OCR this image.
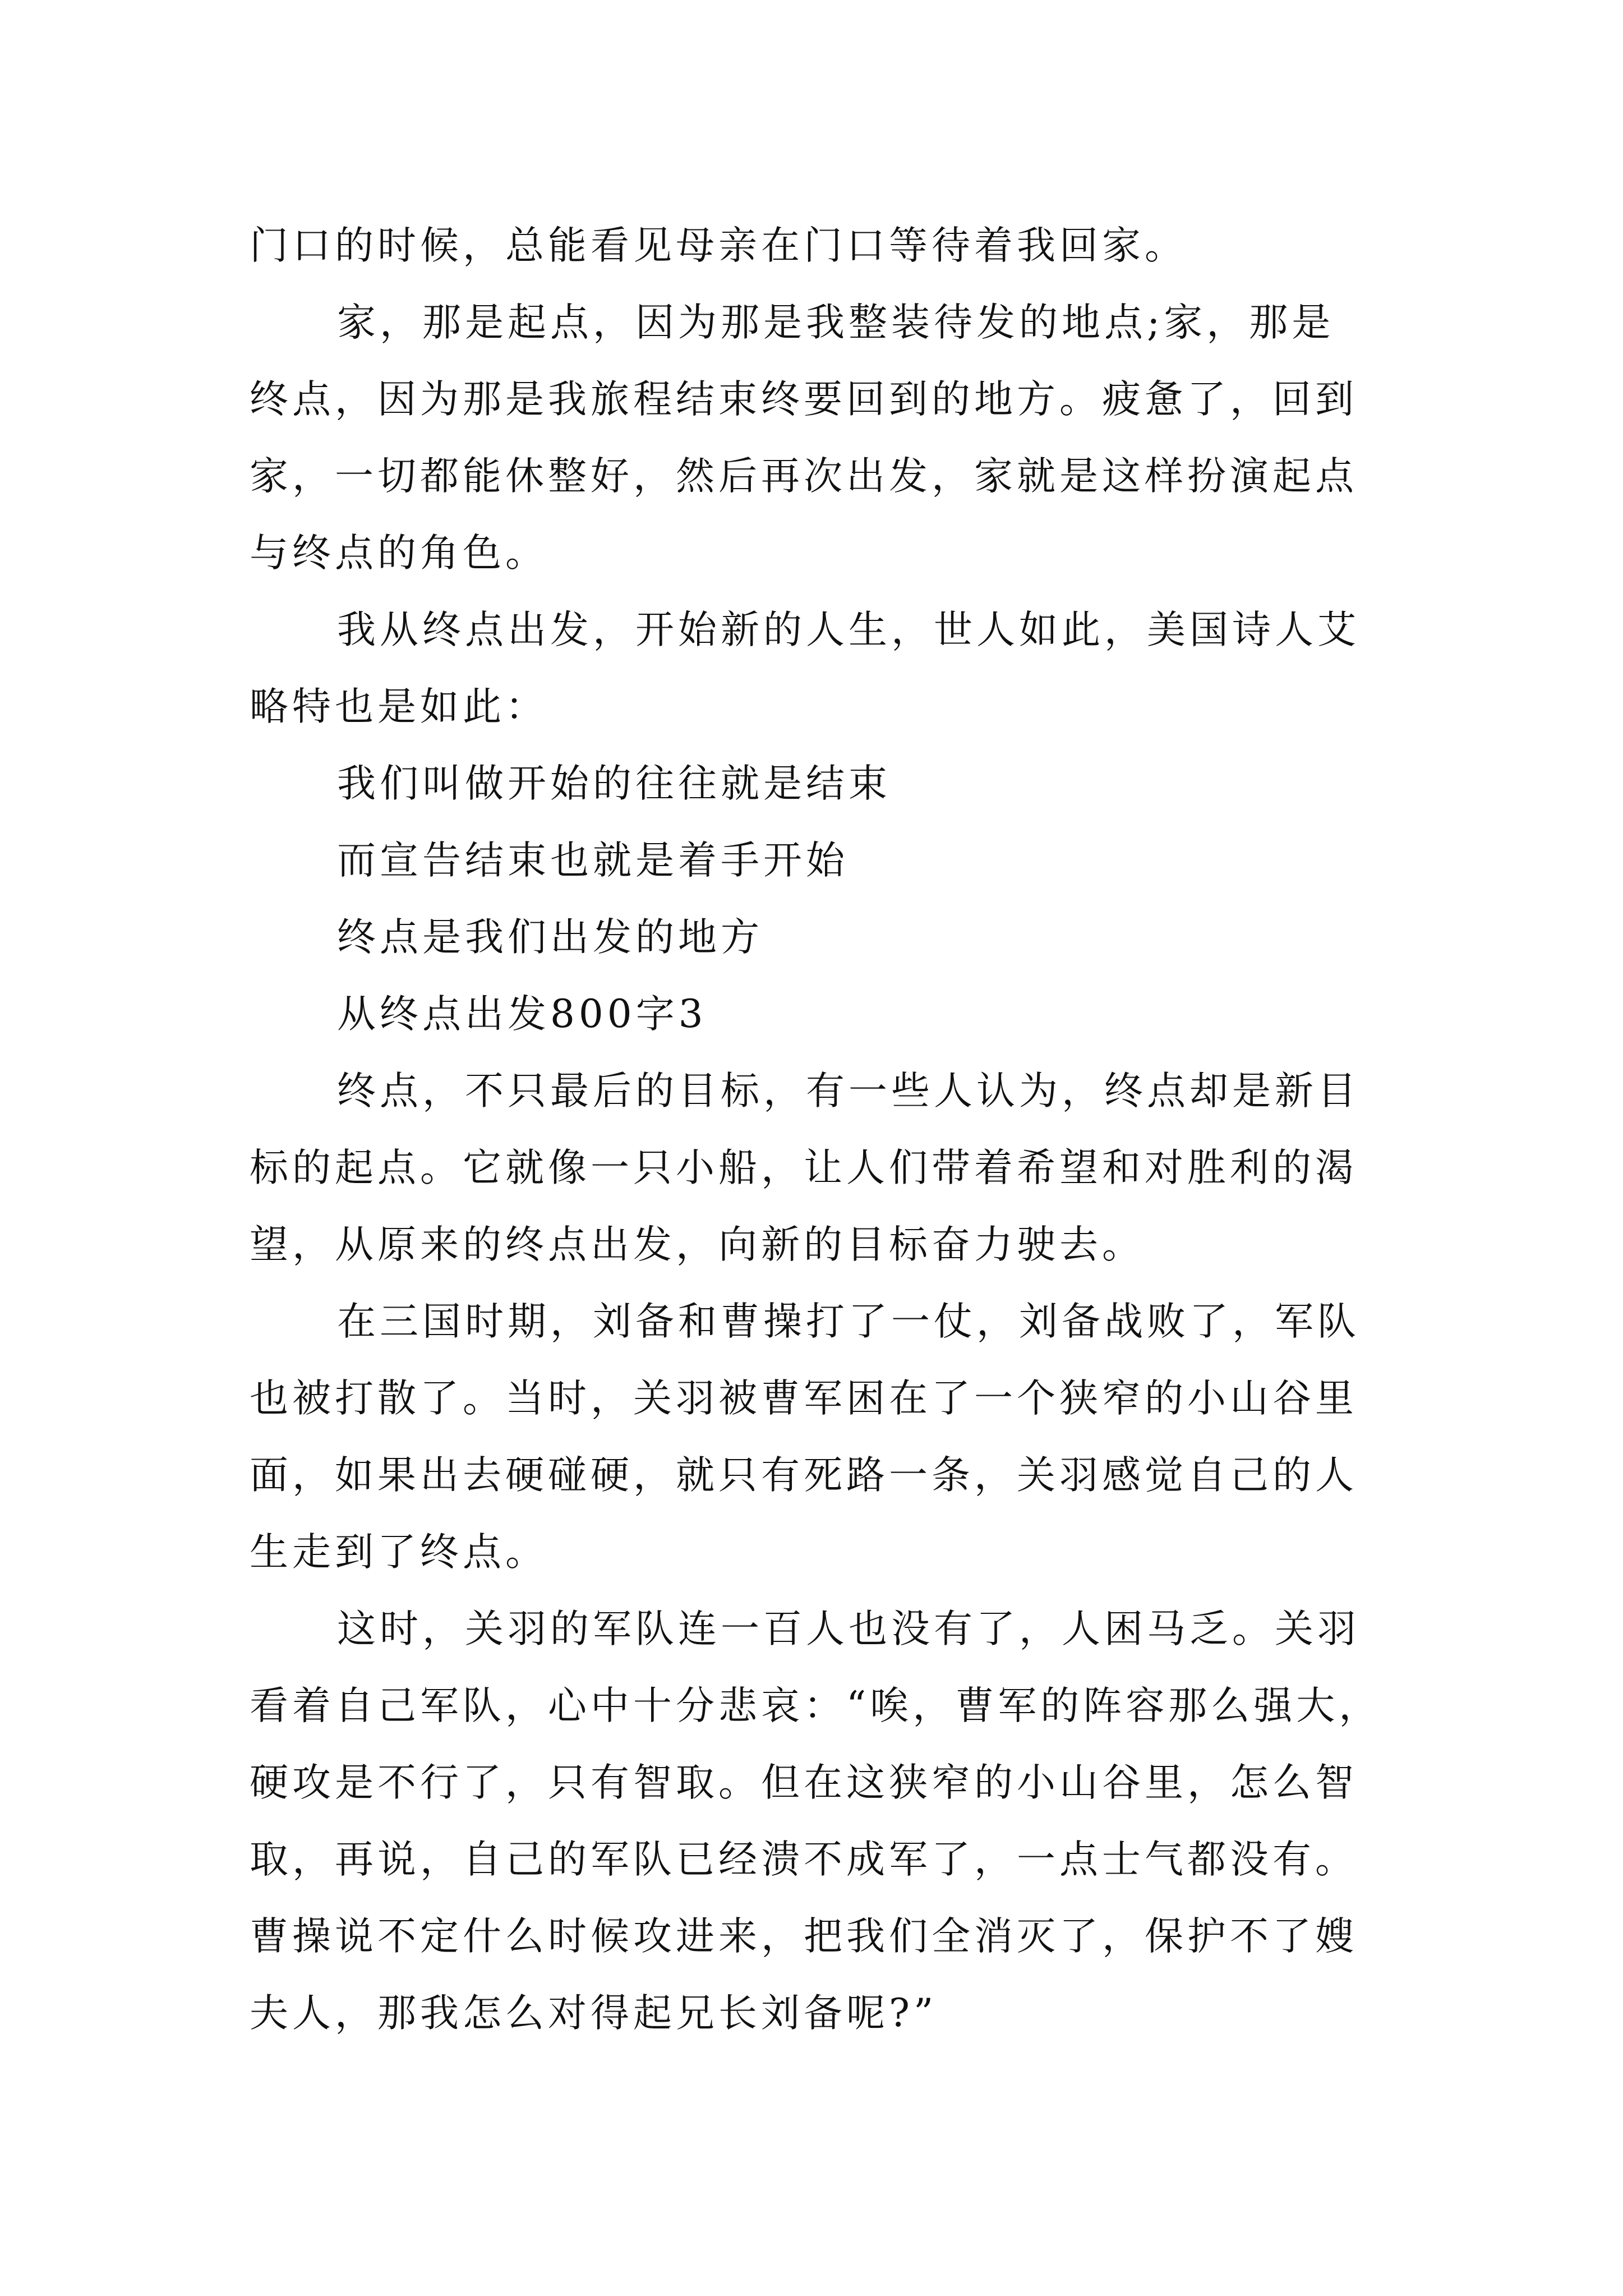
门口的时候，总能看见母亲在门口等待着我回家。
家，那是起点，因为那是我整装待发的地点;家，那是
终点，因为那是我旅程结束终要回到的地方。疲惫了，回到
家，一切都能休整好，然后再次出发，家就是这样扮演起点
与终点的角色。
我从终点出发，开始新的人生，世人如此，美国诗人艾
略特也是如此：
我们叫做开始的往往就是结束
而宣告结束也就是着手开始
终点是我们出发的地方
从终点出发800字3
终点，不只最后的目标，有一些人认为，终点却是新目
标的起点。它就像一只小船，让人们带着希望和对胜利的渴
望，从原来的终点出发，向新的目标奋力驶去。
在三国时期，刘备和曹操打了一仗，刘备战败了，军队
也被打散了。当时，关羽被曹军困在了一个狭窄的小山谷里
面，如果出去硬碰硬，就只有死路一条，关羽感觉自己的人
生走到了终点。
这时，关羽的军队连一百人也没有了，人困马乏。关羽
看着自己军队，心中十分悲哀：“唉，曹军的阵容那么强大，
硬攻是不行了，只有智取。但在这狭窄的小山谷里，怎么智
取，再说，自己的军队已经溃不成军了，一点士气都没有。
曹操说不定什么时候攻进来，把我们全消灭了，保护不了嫂
夫人，那我怎么对得起兄长刘备呢?”
